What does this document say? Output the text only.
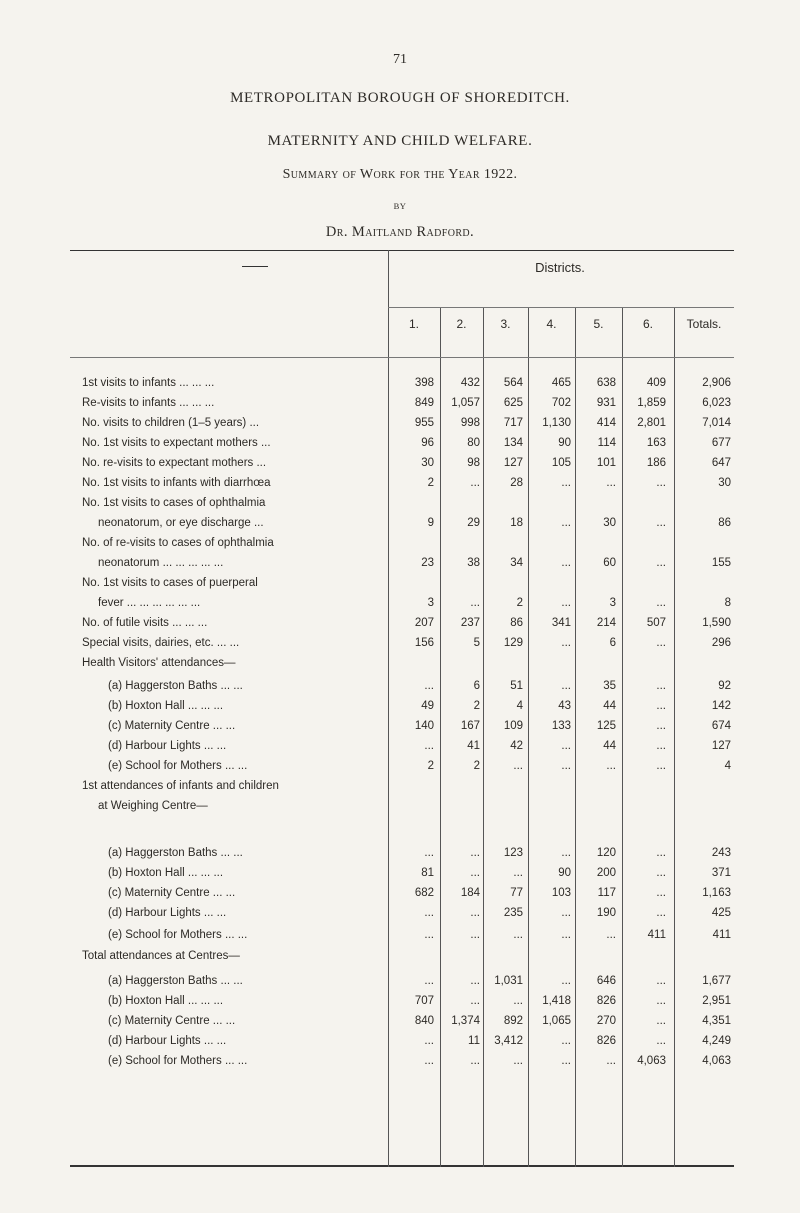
71
METROPOLITAN BOROUGH OF SHOREDITCH.
MATERNITY AND CHILD WELFARE.
Summary of Work for the Year 1922.
BY
Dr. Maitland Radford.
Districts.
1.	2.	3.	4.	5.	6.	Totals.
1st visits to infants ... ... ...	398	432	564	465	638	409	2,906
Re-visits to infants ... ... ...	849	1,057	625	702	931	1,859	6,023
No. visits to children (1–5 years) ...	955	998	717	1,130	414	2,801	7,014
No. 1st visits to expectant mothers ...	96	80	134	90	114	163	677
No. re-visits to expectant mothers ...	30	98	127	105	101	186	647
No. 1st visits to infants with diarrhœa	2	...	28	...	...	...	30
No. 1st visits to cases of ophthalmia
neonatorum, or eye discharge ...	9	29	18	...	30	...	86
No. of re-visits to cases of ophthalmia
neonatorum ... ... ... ... ...	23	38	34	...	60	...	155
No. 1st visits to cases of puerperal
fever ... ... ... ... ... ...	3	...	2	...	3	...	8
No. of futile visits ... ... ...	207	237	86	341	214	507	1,590
Special visits, dairies, etc. ... ...	156	5	129	...	6	...	296
Health Visitors' attendances—
(a) Haggerston Baths ... ...	...	6	51	...	35	...	92
(b) Hoxton Hall ... ... ...	49	2	4	43	44	...	142
(c) Maternity Centre ... ...	140	167	109	133	125	...	674
(d) Harbour Lights ... ...	...	41	42	...	44	...	127
(e) School for Mothers ... ...	2	2	...	...	...	...	4
1st attendances of infants and children
at Weighing Centre—
(a) Haggerston Baths ... ...	...	...	123	...	120	...	243
(b) Hoxton Hall ... ... ...	81	...	...	90	200	...	371
(c) Maternity Centre ... ...	682	184	77	103	117	...	1,163
(d) Harbour Lights ... ...	...	...	235	...	190	...	425
(e) School for Mothers ... ...	...	...	...	...	...	411	411
Total attendances at Centres—
(a) Haggerston Baths ... ...	...	...	1,031	...	646	...	1,677
(b) Hoxton Hall ... ... ...	707	...	...	1,418	826	...	2,951
(c) Maternity Centre ... ...	840	1,374	892	1,065	270	...	4,351
(d) Harbour Lights ... ...	...	11	3,412	...	826	...	4,249
(e) School for Mothers ... ...	...	...	...	...	...	4,063	4,063
